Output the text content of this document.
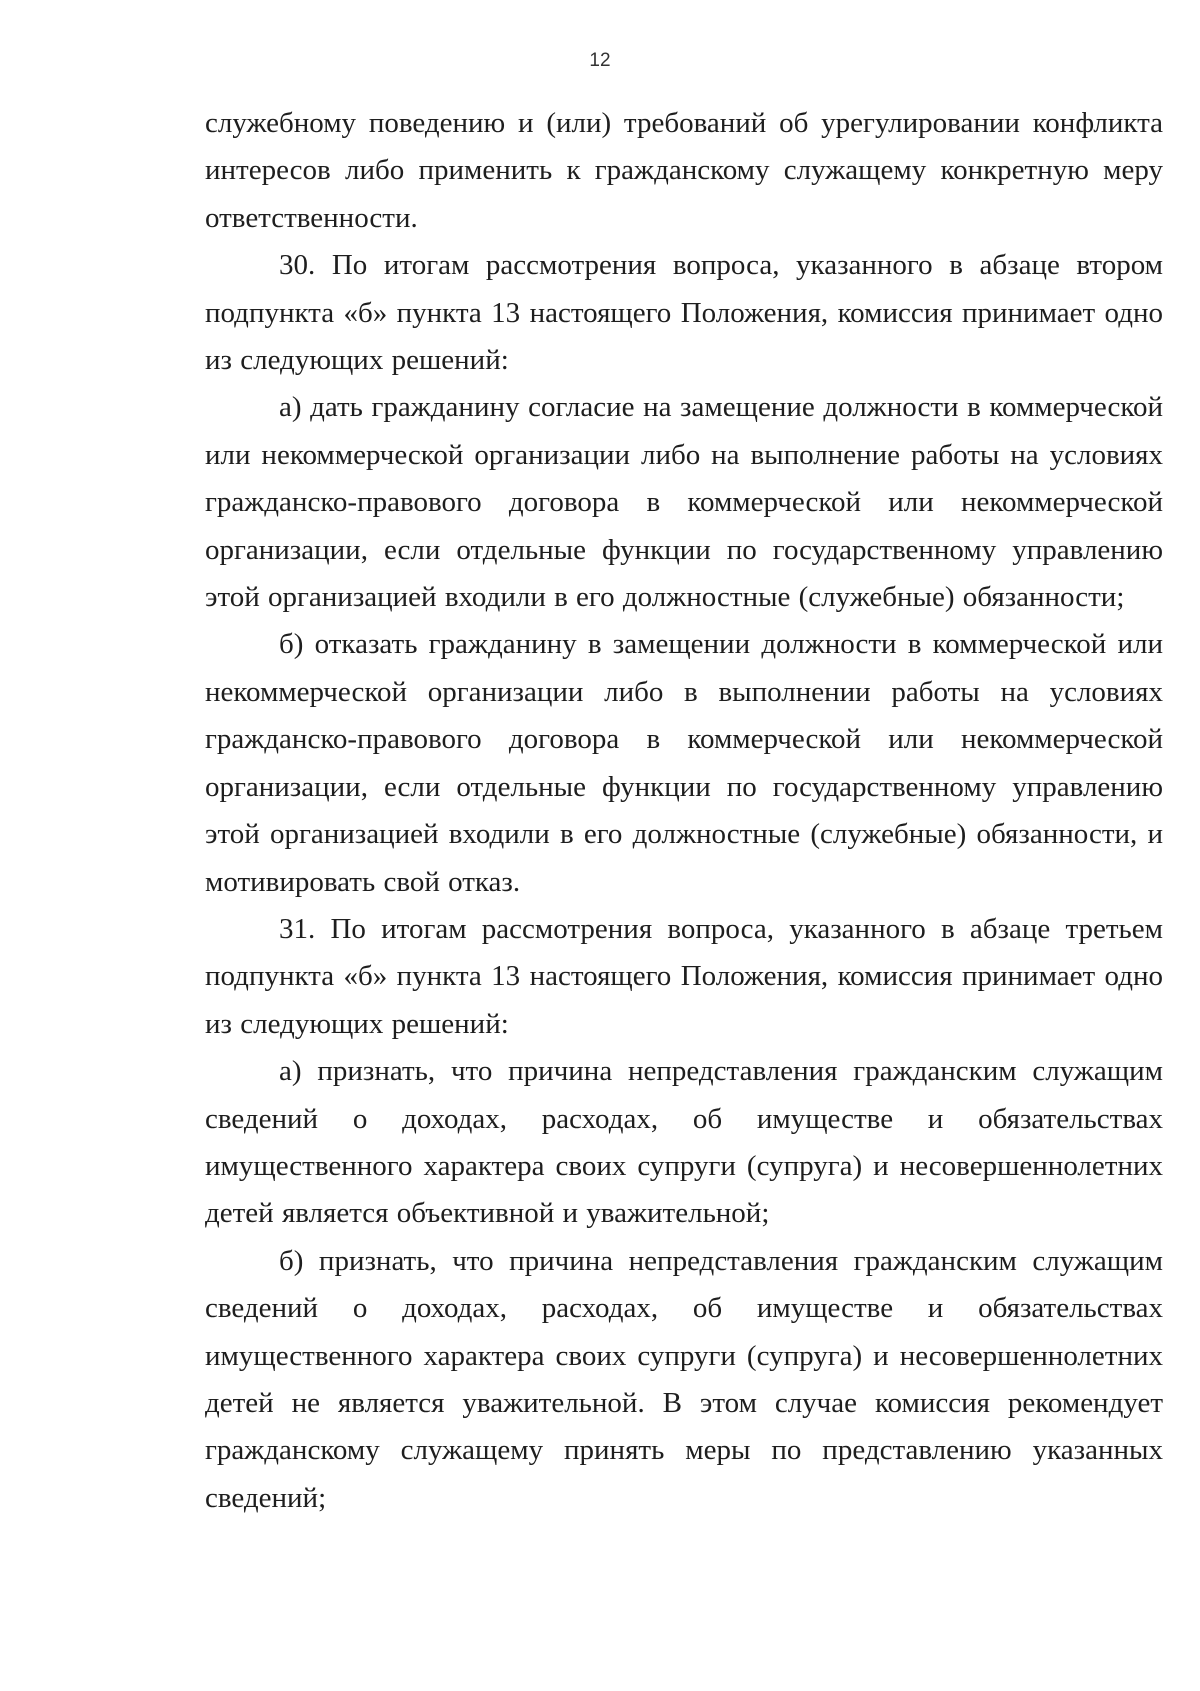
12

служебному поведению и (или) требований об урегулировании конфликта интересов либо применить к гражданскому служащему конкретную меру ответственности.

30. По итогам рассмотрения вопроса, указанного в абзаце втором подпункта «б» пункта 13 настоящего Положения, комиссия принимает одно из следующих решений:

а) дать гражданину согласие на замещение должности в коммерческой или некоммерческой организации либо на выполнение работы на условиях гражданско-правового договора в коммерческой или некоммерческой организации, если отдельные функции по государственному управлению этой организацией входили в его должностные (служебные) обязанности;

б) отказать гражданину в замещении должности в коммерческой или некоммерческой организации либо в выполнении работы на условиях гражданско-правового договора в коммерческой или некоммерческой организации, если отдельные функции по государственному управлению этой организацией входили в его должностные (служебные) обязанности, и мотивировать свой отказ.

31. По итогам рассмотрения вопроса, указанного в абзаце третьем подпункта «б» пункта 13 настоящего Положения, комиссия принимает одно из следующих решений:

а) признать, что причина непредставления гражданским служащим сведений о доходах, расходах, об имуществе и обязательствах имущественного характера своих супруги (супруга) и несовершеннолетних детей является объективной и уважительной;

б) признать, что причина непредставления гражданским служащим сведений о доходах, расходах, об имуществе и обязательствах имущественного характера своих супруги (супруга) и несовершеннолетних детей не является уважительной. В этом случае комиссия рекомендует гражданскому служащему принять меры по представлению указанных сведений;
